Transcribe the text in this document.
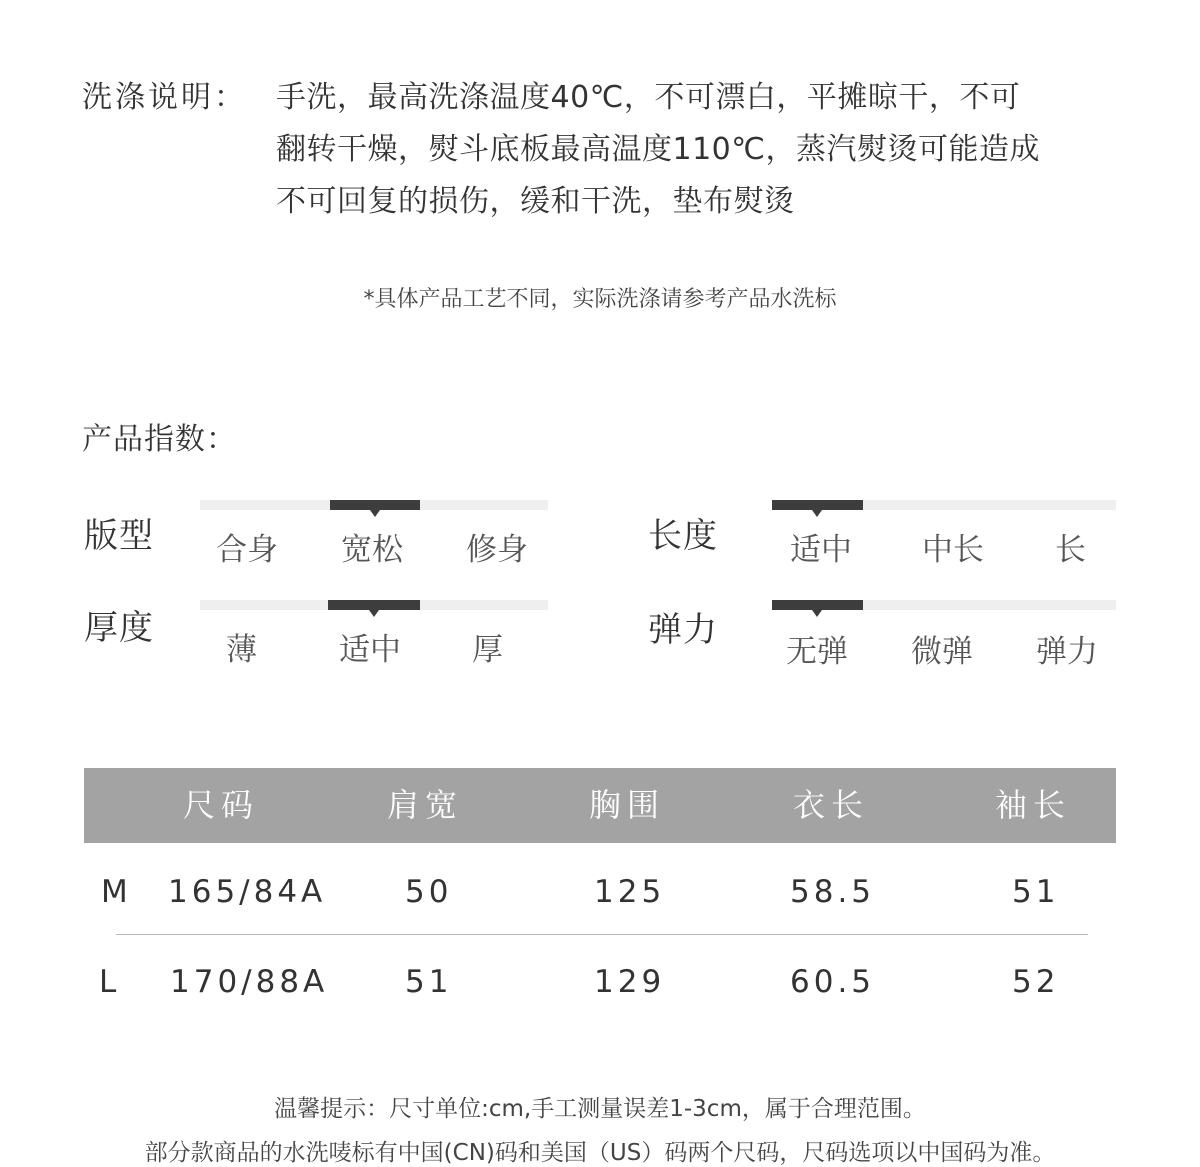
洗涤说明： 手洗，最高洗涤温度40℃，不可漂白，平摊晾干，不可
翻转干燥，熨斗底板最高温度110℃，蒸汽熨烫可能造成
不可回复的损伤，缓和干洗，垫布熨烫
*具体产品工艺不同，实际洗涤请参考产品水洗标
产品指数：
版型 合身 宽松 修身
厚度
薄	适中 厚
长度 适中 中长 长
弹力
无弹 微弹 弹力
尺码	肩宽	胸围	衣长	袖长
M 165/84A	50	125	58.5	51
L 170/88A 51	129	60.5	52
温馨提示：尺寸单位:cm,手工测量误差1-3cm，属于合理范围。
部分款商品的水洗唛标有中国(CN)码和美国（US）码两个尺码，尺码选项以中国码为准。
